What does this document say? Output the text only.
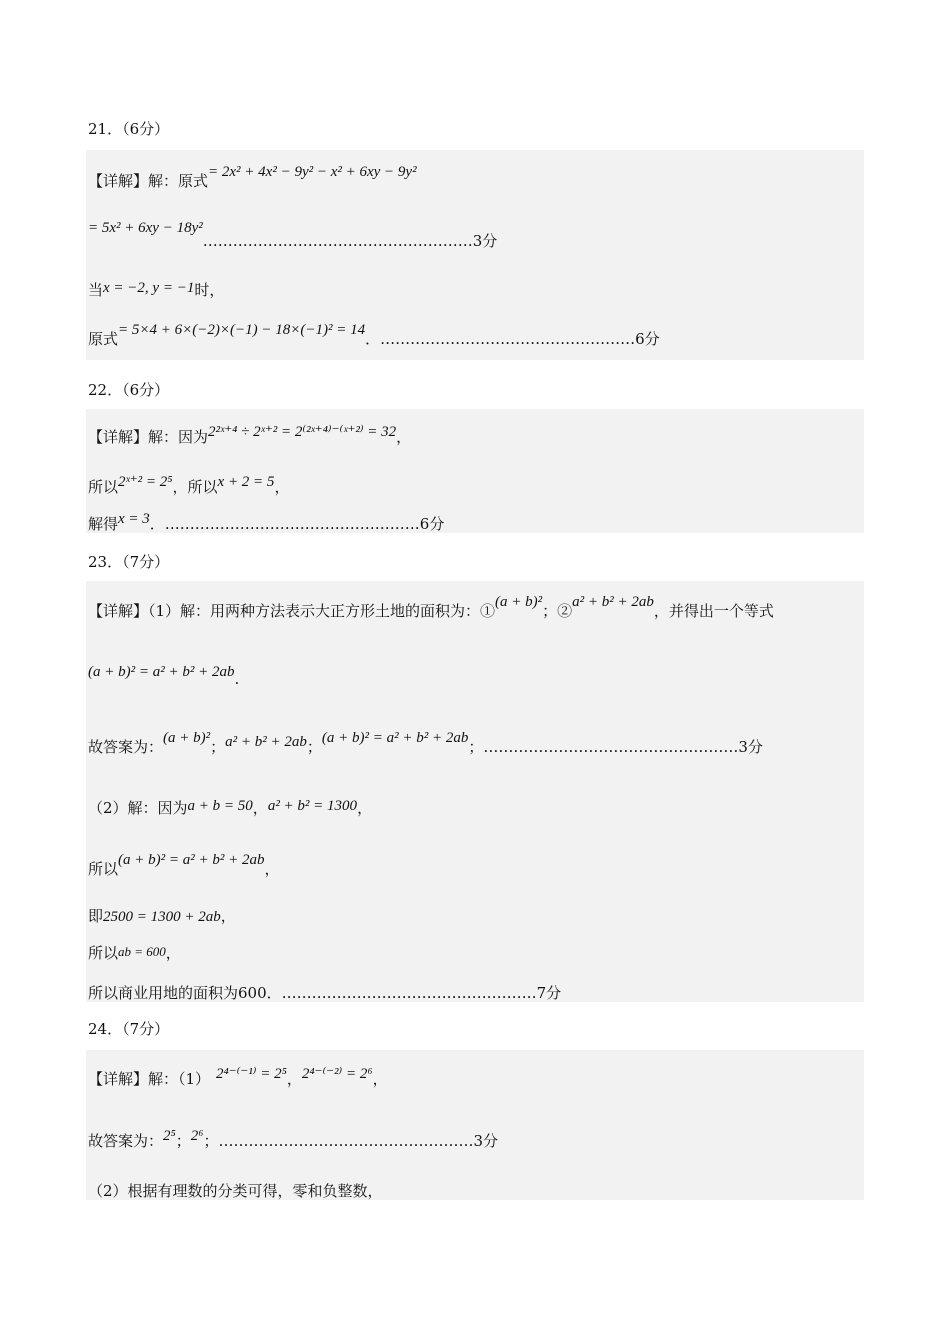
21．（6分）
【详解】解：原式= 2x² + 4x² − 9y² − x² + 6xy − 9y²
= 5x² + 6xy − 18y²………………………………………………3分
当x = −2, y = −1时，
原式= 5×4 + 6×(−2)×(−1) − 18×(−1)² = 14．……………………………………………6分
22．（6分）
【详解】解：因为2²ˣ⁺⁴ ÷ 2ˣ⁺² = 2⁽²ˣ⁺⁴⁾⁻⁽ˣ⁺²⁾ = 32，
所以2ˣ⁺² = 2⁵，所以x + 2 = 5，
解得x = 3．……………………………………………6分
23．（7分）
【详解】（1）解：用两种方法表示大正方形土地的面积为：①(a + b)²；②a² + b² + 2ab，并得出一个等式
(a + b)² = a² + b² + 2ab.
故答案为：(a + b)²；a² + b² + 2ab；(a + b)² = a² + b² + 2ab；……………………………………………3分
（2）解：因为a + b = 50，a² + b² = 1300，
所以(a + b)² = a² + b² + 2ab，
即2500 = 1300 + 2ab，
所以ab = 600，
所以商业用地的面积为600．……………………………………………7分
24．（7分）
【详解】解：（1） 2⁴⁻⁽⁻¹⁾ = 2⁵，2⁴⁻⁽⁻²⁾ = 2⁶，
故答案为：2⁵；2⁶；……………………………………………3分
（2）根据有理数的分类可得，零和负整数，
